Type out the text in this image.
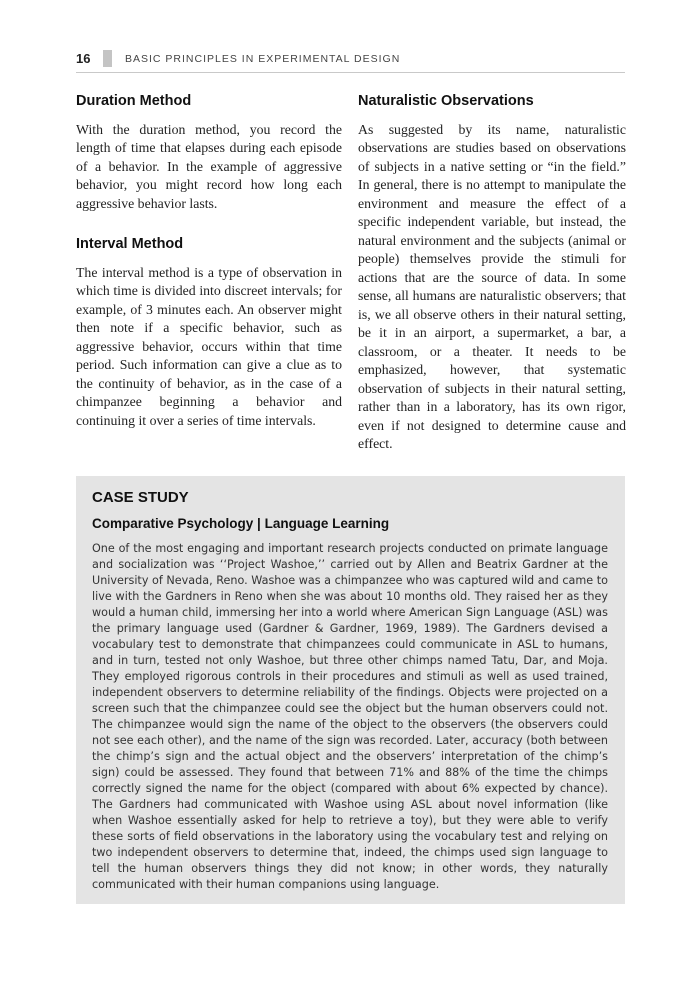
16	BASIC PRINCIPLES IN EXPERIMENTAL DESIGN
Duration Method

With the duration method, you record the length of time that elapses during each episode of a behavior. In the example of aggressive behavior, you might record how long each aggressive behavior lasts.

Interval Method

The interval method is a type of observation in which time is divided into discreet intervals; for example, of 3 minutes each. An observer might then note if a specific behavior, such as aggressive behavior, occurs within that time period. Such information can give a clue as to the continuity of behavior, as in the case of a chimpanzee beginning a behavior and continuing it over a series of time intervals.

Naturalistic Observations

As suggested by its name, naturalistic observations are studies based on observations of subjects in a native setting or “in the field.” In general, there is no attempt to manipulate the environment and measure the effect of a specific independent variable, but instead, the natural environment and the subjects (animal or people) themselves provide the stimuli for actions that are the source of data. In some sense, all humans are naturalistic observers; that is, we all observe others in their natural setting, be it in an airport, a supermarket, a bar, a classroom, or a theater. It needs to be emphasized, however, that systematic observation of subjects in their natural setting, rather than in a laboratory, has its own rigor, even if not designed to determine cause and effect.

CASE STUDY
Comparative Psychology | Language Learning
One of the most engaging and important research projects conducted on primate language and socialization was ‘‘Project Washoe,’’ carried out by Allen and Beatrix Gardner at the University of Nevada, Reno. Washoe was a chimpanzee who was captured wild and came to live with the Gardners in Reno when she was about 10 months old. They raised her as they would a human child, immersing her into a world where American Sign Language (ASL) was the primary language used (Gardner & Gardner, 1969, 1989). The Gardners devised a vocabulary test to demonstrate that chimpanzees could communicate in ASL to humans, and in turn, tested not only Washoe, but three other chimps named Tatu, Dar, and Moja. They employed rigorous controls in their procedures and stimuli as well as used trained, independent observers to determine reliability of the findings. Objects were projected on a screen such that the chimpanzee could see the object but the human observers could not. The chimpanzee would sign the name of the object to the observers (the observers could not see each other), and the name of the sign was recorded. Later, accuracy (both between the chimp’s sign and the actual object and the observers’ interpretation of the chimp’s sign) could be assessed. They found that between 71% and 88% of the time the chimps correctly signed the name for the object (compared with about 6% expected by chance). The Gardners had communicated with Washoe using ASL about novel information (like when Washoe essentially asked for help to retrieve a toy), but they were able to verify these sorts of field observations in the laboratory using the vocabulary test and relying on two independent observers to determine that, indeed, the chimps used sign language to tell the human observers things they did not know; in other words, they naturally communicated with their human companions using language.
